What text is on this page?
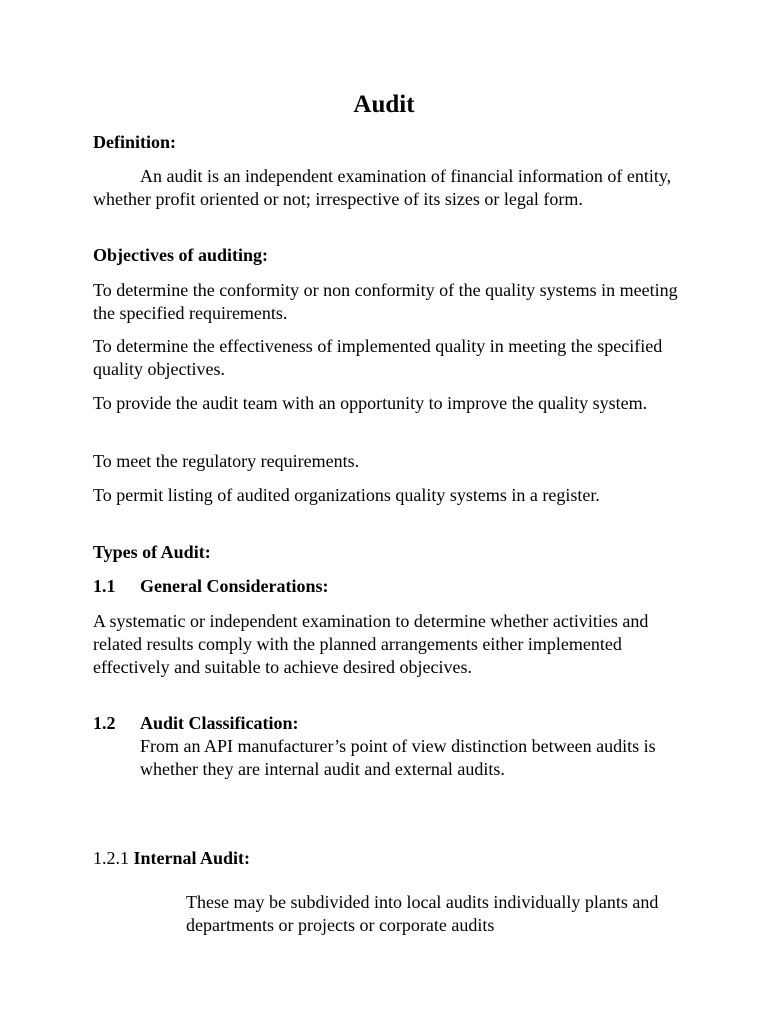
Audit

Definition:

An audit is an independent examination of financial information of entity, whether profit oriented or not; irrespective of its sizes or legal form.

Objectives of auditing:

To determine the conformity or non conformity of the quality systems in meeting the specified requirements.

To determine the effectiveness of implemented quality in meeting the specified quality objectives.

To provide the audit team with an opportunity to improve the quality system.

To meet the regulatory requirements.

To permit listing of audited organizations quality systems in a register.

Types of Audit:

1.1 General Considerations:

A systematic or independent examination to determine whether activities and related results comply with the planned arrangements either implemented effectively and suitable to achieve desired objecives.

1.2 Audit Classification:

From an API manufacturer’s point of view distinction between audits is whether they are internal audit and external audits.

1.2.1 Internal Audit:

These may be subdivided into local audits individually plants and departments or projects or corporate audits
